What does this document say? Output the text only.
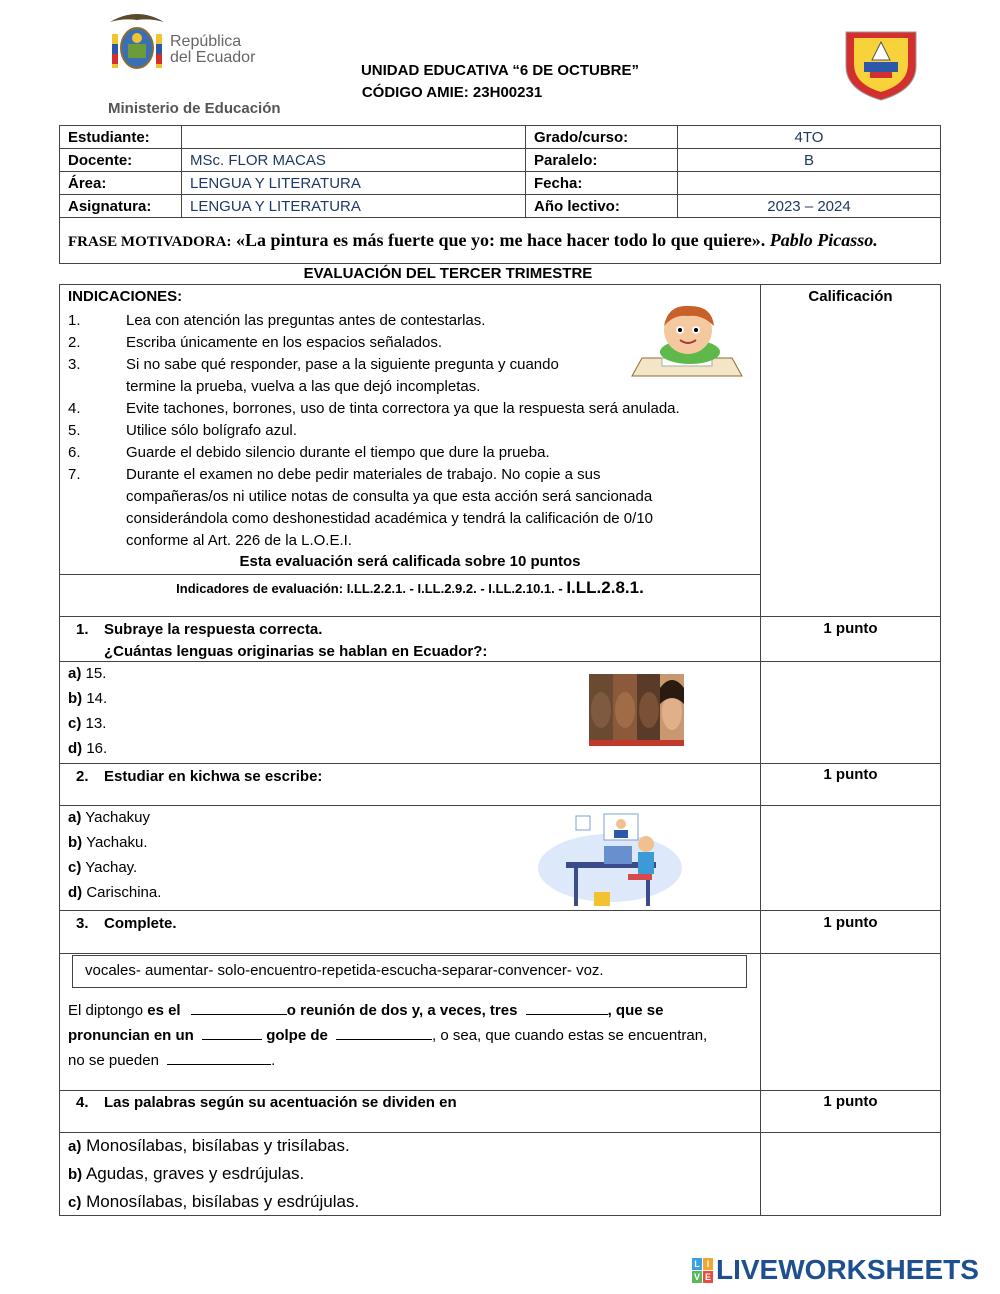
República
del Ecuador
Ministerio de Educación
UNIDAD EDUCATIVA “6 DE OCTUBRE”
CÓDIGO AMIE: 23H00231
Estudiante:		Grado/curso:	4TO
Docente:	MSc. FLOR MACAS	Paralelo:	B
Área:	LENGUA Y LITERATURA	Fecha:	
Asignatura:	LENGUA Y LITERATURA	Año lectivo:	2023 – 2024
FRASE MOTIVADORA: «La pintura es más fuerte que yo: me hace hacer todo lo que quiere». Pablo Picasso.			
EVALUACIÓN DEL TERCER TRIMESTRE
INDICACIONES:	Calificación
1.	Lea con atención las preguntas antes de contestarlas.
2.	Escriba únicamente en los espacios señalados.
3.	Si no sabe qué responder, pase a la siguiente pregunta y cuando
termine la prueba, vuelva a las que dejó incompletas.
4.	Evite tachones, borrones, uso de tinta correctora ya que la respuesta será anulada.
5.	Utilice sólo bolígrafo azul.
6.	Guarde el debido silencio durante el tiempo que dure la prueba.
7.	Durante el examen no debe pedir materiales de trabajo. No copie a sus
compañeras/os ni utilice notas de consulta ya que esta acción será sancionada
considerándola como deshonestidad académica y tendrá la calificación de 0/10
conforme al Art. 226 de la L.O.E.I.
Esta evaluación será calificada sobre 10 puntos
Indicadores de evaluación: I.LL.2.2.1. - I.LL.2.9.2. - I.LL.2.10.1. - I.LL.2.8.1.
1. Subraye la respuesta correcta.
¿Cuántas lenguas originarias se hablan en Ecuador?:
1 punto
a) 15.
b) 14.
c) 13.
d) 16.
2. Estudiar en kichwa se escribe:	1 punto
a) Yachakuy
b) Yachaku.
c) Yachay.
d) Carischina.
3. Complete.	1 punto
vocales- aumentar- solo-encuentro-repetida-escucha-separar-convencer- voz.
El diptongo es el	o reunión de dos y, a veces, tres	, que se
pronuncian en un	golpe de	, o sea, que cuando estas se encuentran,
no se pueden	.
4. Las palabras según su acentuación se dividen en	1 punto
a) Monosílabas, bisílabas y trisílabas.
b) Agudas, graves y esdrújulas.
c) Monosílabas, bisílabas y esdrújulas.
L I
V E LIVEWORKSHEETS
